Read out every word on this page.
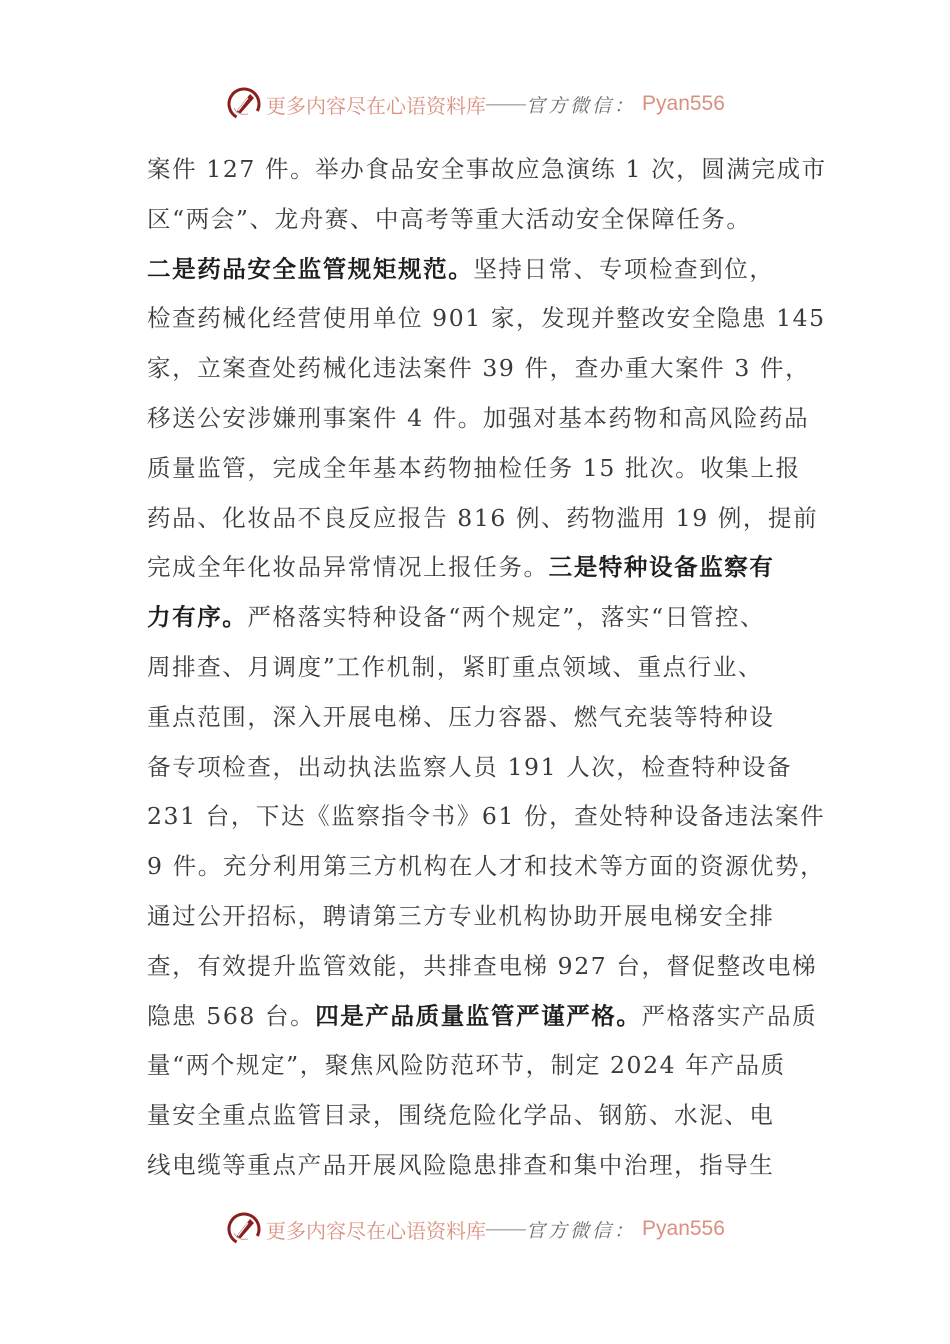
更多内容尽在心语资料库 —— 官方微信： Pyan556
案件 127 件。举办食品安全事故应急演练 1 次，圆满完成市
区“两会”、龙舟赛、中高考等重大活动安全保障任务。
二是药品安全监管规矩规范。坚持日常、专项检查到位，
检查药械化经营使用单位 901 家，发现并整改安全隐患 145
家，立案查处药械化违法案件 39 件，查办重大案件 3 件，
移送公安涉嫌刑事案件 4 件。加强对基本药物和高风险药品
质量监管，完成全年基本药物抽检任务 15 批次。收集上报
药品、化妆品不良反应报告 816 例、药物滥用 19 例，提前
完成全年化妆品异常情况上报任务。三是特种设备监察有
力有序。严格落实特种设备“两个规定”，落实“日管控、
周排查、月调度”工作机制，紧盯重点领域、重点行业、
重点范围，深入开展电梯、压力容器、燃气充装等特种设
备专项检查，出动执法监察人员 191 人次，检查特种设备
231 台，下达《监察指令书》61 份，查处特种设备违法案件
9 件。充分利用第三方机构在人才和技术等方面的资源优势，
通过公开招标，聘请第三方专业机构协助开展电梯安全排
查，有效提升监管效能，共排查电梯 927 台，督促整改电梯
隐患 568 台。四是产品质量监管严谨严格。严格落实产品质
量“两个规定”，聚焦风险防范环节，制定 2024 年产品质
量安全重点监管目录，围绕危险化学品、钢筋、水泥、电
线电缆等重点产品开展风险隐患排查和集中治理，指导生
更多内容尽在心语资料库 —— 官方微信： Pyan556
